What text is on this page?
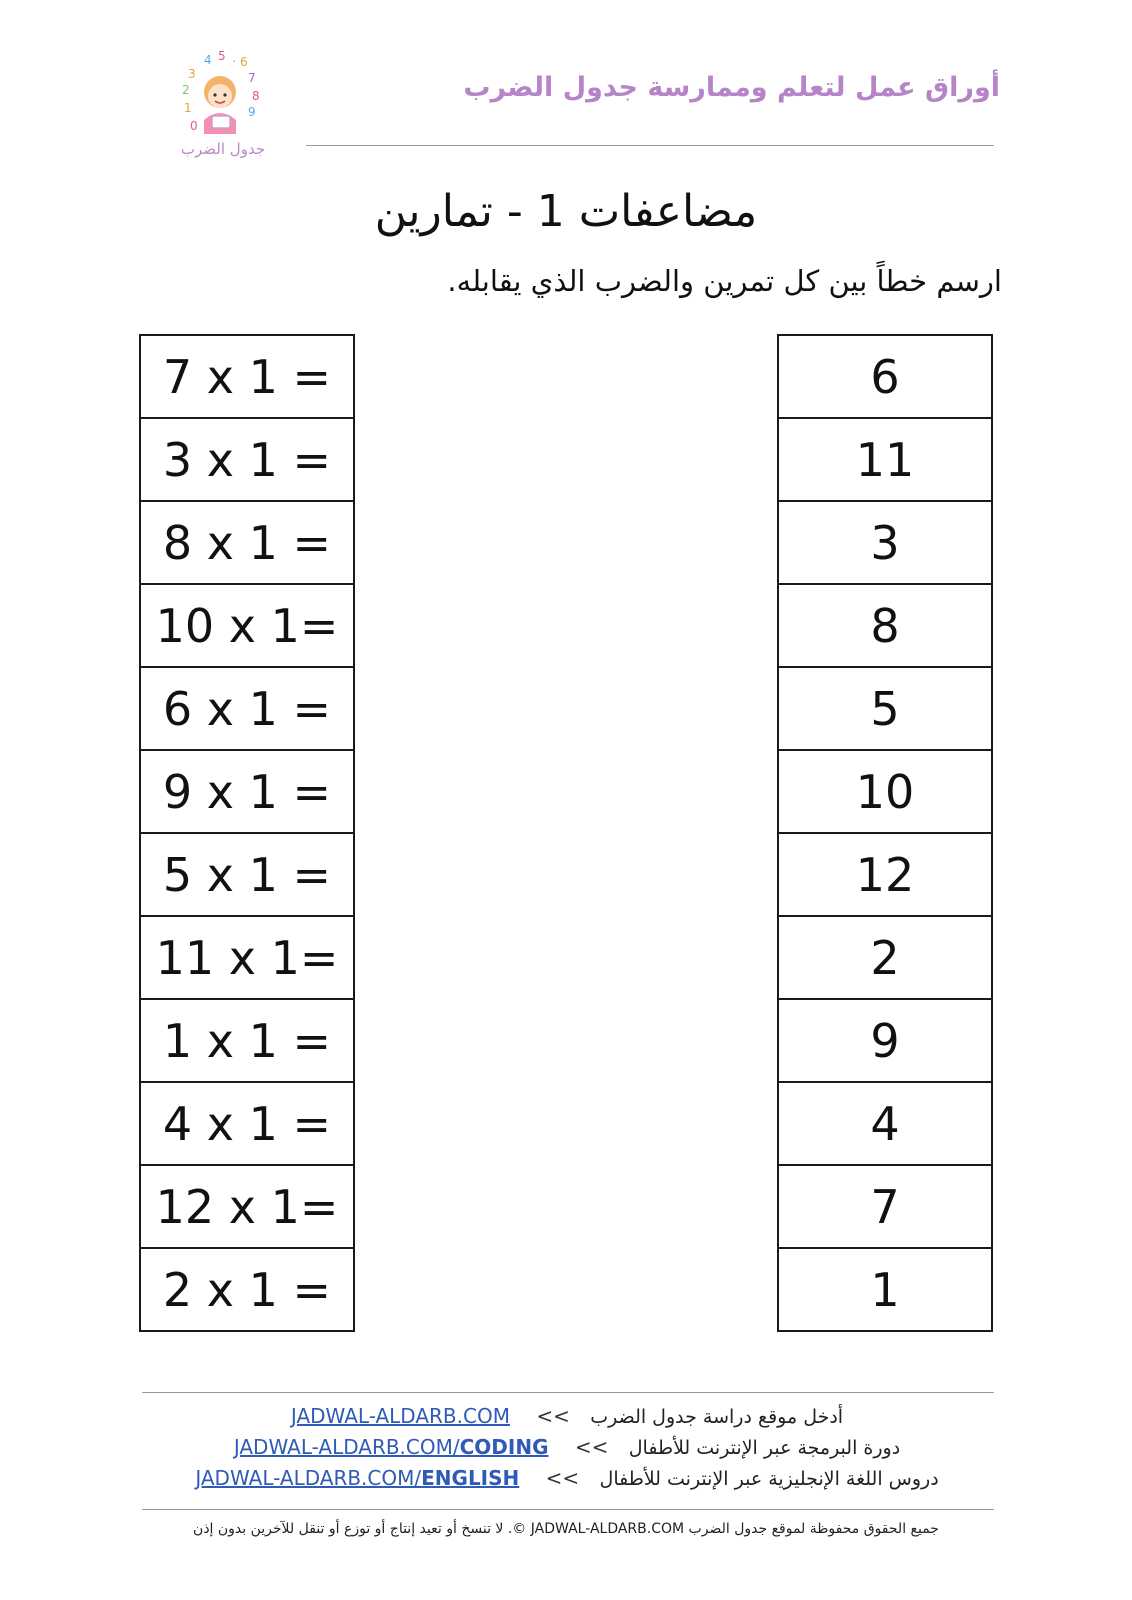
3
4 5 . 6
7
8
9
2
1
0
جدول الضرب
أوراق عمل لتعلم وممارسة جدول الضرب
مضاعفات 1 - تمارين
ارسم خطاً بين كل تمرين والضرب الذي يقابله.
7 x 1 =		6
3 x 1 =		11
8 x 1 =		3
10 x 1=		8
6 x 1 =		5
9 x 1 =		10
5 x 1 =		12
11 x 1=		2
1 x 1 =		9
4 x 1 =		4
12 x 1=		7
2 x 1 =		1
JADWAL-ALDARB.COM << أدخل موقع دراسة جدول الضرب
JADWAL-ALDARB.COM/CODING << دورة البرمجة عبر الإنترنت للأطفال
JADWAL-ALDARB.COM/ENGLISH << دروس اللغة الإنجليزية عبر الإنترنت للأطفال
جميع الحقوق محفوظة لموقع جدول الضرب JADWAL-ALDARB.COM ©. لا تنسخ أو تعيد إنتاج أو توزع أو تنقل للآخرين بدون إذن
